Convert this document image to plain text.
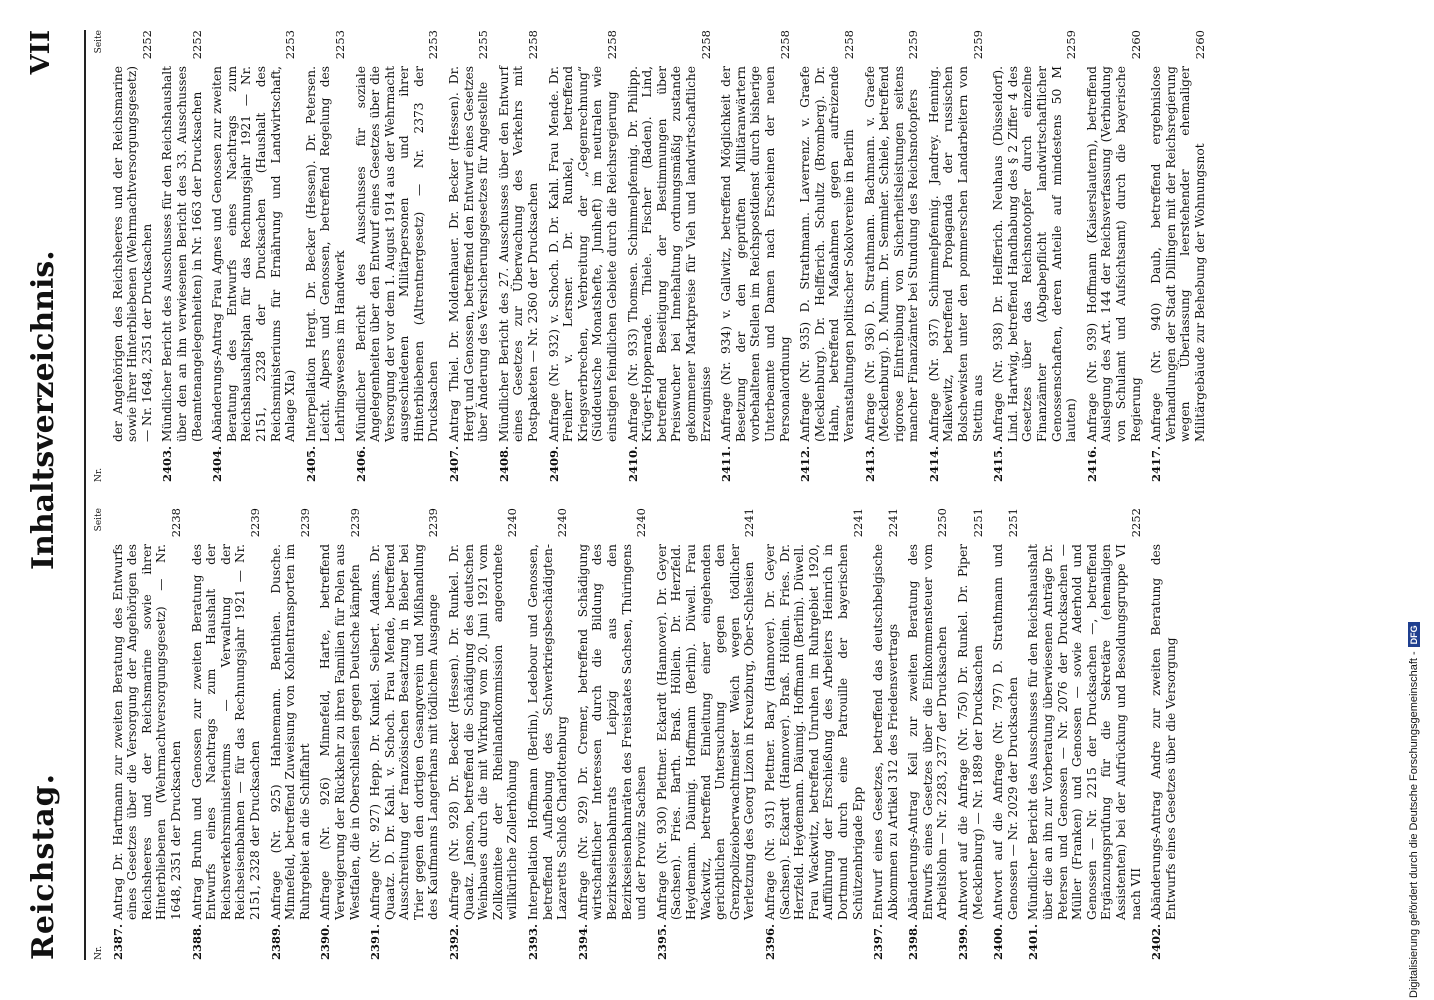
Reichstag.
Inhaltsverzeichnis.
VII
Nr.
Seite
2387.
Antrag Dr. Hartmann zur zweiten Beratung des Entwurfs eines Gesetzes über die Versorgung der Angehörigen des Reichsheeres und der Reichsmarine sowie ihrer Hinterbliebenen (Wehrmachtversorgungsgesetz) — Nr. 1648, 2351 der Drucksachen
2238
2388.
Antrag Bruhn und Genossen zur zweiten Beratung des Entwurfs eines Nachtrags zum Haushalt der Reichsverkehrsministeriums — Verwaltung der Reichseisenbahnen — für das Rechnungsjahr 1921 — Nr. 2151, 2328 der Drucksachen
2239
2389.
Anfrage (Nr. 925) Hahnemann. Benthien. Dusche. Minnefeld, betreffend Zuweisung von Kohlentransporten im Ruhrgebiet an die Schiffahrt
2239
2390.
Anfrage (Nr. 926) Minnefeld, Harte, betreffend Verweigerung der Rückkehr zu ihren Familien für Polen aus Westfalen, die in Oberschlesien gegen Deutsche kämpfen
2239
2391.
Anfrage (Nr. 927) Hepp. Dr. Kunkel. Seibert. Adams. Dr. Quaatz. D. Dr. Kahl. v. Schoch. Frau Mende, betreffend Ausschreitung der französischen Besatzung in Bieber bei Trier gegen den dortigen Gesangverein und Mißhandlung des Kaufmanns Langerhans mit tödlichem Ausgange
2239
2392.
Anfrage (Nr. 928) Dr. Becker (Hessen). Dr. Runkel. Dr. Quaatz. Janson, betreffend die Schädigung des deutschen Weinbaues durch die mit Wirkung vom 20. Juni 1921 vom Zollkomitee der Rheinlandkommission angeordnete willkürliche Zollerhöhung
2240
2393.
Interpellation Hoffmann (Berlin), Ledebour und Genossen, betreffend Aufhebung des Schwerkriegsbeschädigten-Lazaretts Schloß Charlottenburg
2240
2394.
Anfrage (Nr. 929) Dr. Cremer, betreffend Schädigung wirtschaftlicher Interessen durch die Bildung des Bezirkseisenbahnrats Leipzig aus den Bezirkseisenbahnräten des Freistaates Sachsen, Thüringens und der Provinz Sachsen
2240
2395.
Anfrage (Nr. 930) Plettner. Eckardt (Hannover). Dr. Geyer (Sachsen). Fries. Barth. Braß. Höllein. Dr. Herzfeld. Heydemann. Däumig. Hoffmann (Berlin). Düwell. Frau Wackwitz, betreffend Einleitung einer eingehenden gerichtlichen Untersuchung gegen den Grenzpolizeioberwachtmeister Weich wegen tödlicher Verletzung des Georg Lizon in Kreuzburg, Ober-Schlesien
2241
2396.
Anfrage (Nr. 931) Plettner. Bary (Hannover). Dr. Geyer (Sachsen). Eckardt (Hannover). Braß. Höllein. Fries. Dr. Herzfeld. Heydemann. Däumig. Hoffmann (Berlin). Düwell. Frau Wackwitz, betreffend Unruhen im Ruhrgebiet 1920, Aufführung der Erschießung des Arbeiters Heinrich in Dortmund durch eine Patrouille der bayerischen Schützenbrigade Epp
2241
2397.
Entwurf eines Gesetzes, betreffend das deutschbelgische Abkommen zu Artikel 312 des Friedensvertrags
2241
2398.
Abänderungs-Antrag Keil zur zweiten Beratung des Entwurfs eines Gesetzes über die Einkommensteuer vom Arbeitslohn — Nr. 2283, 2377 der Drucksachen
2250
2399.
Antwort auf die Anfrage (Nr. 750) Dr. Runkel. Dr. Piper (Mecklenburg) — Nr. 1889 der Drucksachen
2251
2400.
Antwort auf die Anfrage (Nr. 797) D. Strathmann und Genossen — Nr. 2029 der Drucksachen
2251
2401.
Mündlicher Bericht des Ausschusses für den Reichshaushalt über die an ihn zur Vorberatung überwiesenen Anträge Dr. Petersen und Genossen — Nr. 2076 der Drucksachen — Müller (Franken) und Genossen — sowie Aderhold und Genossen — Nr. 2215 der Drucksachen —, betreffend Ergänzungsprüfung für die Sekretäre (ehemaligen Assistenten) bei der Aufrückung und Besoldungsgruppe VI nach VII
2252
2402.
Abänderungs-Antrag Andre zur zweiten Beratung des Entwurfs eines Gesetzes über die Versorgung
Nr.
Seite
der Angehörigen des Reichsheeres und der Reichsmarine sowie ihrer Hinterbliebenen (Wehrmachtversorgungsgesetz) — Nr. 1648, 2351 der Drucksachen
2252
2403.
Mündlicher Bericht des Ausschusses für den Reichshaushalt über den an ihn verwiesenen Bericht des 33. Ausschusses (Beamtenangelegenheiten) in Nr. 1663 der Drucksachen
2252
2404.
Abänderungs-Antrag Frau Agnes und Genossen zur zweiten Beratung des Entwurfs eines Nachtrags zum Reichshaushaltsplan für das Rechnungsjahr 1921 — Nr. 2151, 2328 der Drucksachen (Haushalt des Reichsministeriums für Ernährung und Landwirtschaft, Anlage XIa)
2253
2405.
Interpellation Hergt. Dr. Becker (Hessen). Dr. Petersen. Leicht. Alpers und Genossen, betreffend Regelung des Lehrlingswesens im Handwerk
2253
2406.
Mündlicher Bericht des Ausschusses für soziale Angelegenheiten über den Entwurf eines Gesetzes über die Versorgung der vor dem 1. August 1914 aus der Wehrmacht ausgeschiedenen Militärpersonen und ihrer Hinterbliebenen (Altrentnergesetz) — Nr. 2373 der Drucksachen
2253
2407.
Antrag Thiel. Dr. Moldenhauer. Dr. Becker (Hessen). Dr. Hergt und Genossen, betreffend den Entwurf eines Gesetzes über Änderung des Versicherungsgesetzes für Angestellte
2255
2408.
Mündlicher Bericht des 27. Ausschusses über den Entwurf eines Gesetzes zur Überwachung des Verkehrs mit Postpaketen — Nr. 2360 der Drucksachen
2258
2409.
Anfrage (Nr. 932) v. Schoch. D. Dr. Kahl. Frau Mende. Dr. Freiherr v. Lersner. Dr. Runkel, betreffend Kriegsverbrechen, Verbreitung der „Gegenrechnung“ (Süddeutsche Monatshefte, Juniheft) im neutralen wie einstigen feindlichen Gebiete durch die Reichsregierung
2258
2410.
Anfrage (Nr. 933) Thomsen. Schimmelpfennig. Dr. Philipp. Krüger-Hoppenrade. Thiele. Fischer (Baden). Lind, betreffend Beseitigung der Bestimmungen über Preiswucher bei Innehaltung ordnungsmäßig zustande gekommener Marktpreise für Vieh und landwirtschaftliche Erzeugnisse
2258
2411.
Anfrage (Nr. 934) v. Gallwitz, betreffend Möglichkeit der Besetzung der den geprüften Militäranwärtern vorbehaltenen Stellen im Reichspostdienst durch bisherige Unterbeamte und Damen nach Erscheinen der neuen Personalordnung
2258
2412.
Anfrage (Nr. 935) D. Strathmann. Laverrenz. v. Graefe (Mecklenburg). Dr. Helfferich. Schultz (Bromberg). Dr. Hahn, betreffend Maßnahmen gegen aufreizende Veranstaltungen politischer Sokolvereine in Berlin
2258
2413.
Anfrage (Nr. 936) D. Strathmann. Bachmann. v. Graefe (Mecklenburg). D. Mumm. Dr. Semmler. Schiele, betreffend rigorose Eintreibung von Sicherheitsleistungen seitens mancher Finanzämter bei Stundung des Reichsnotopfers
2259
2414.
Anfrage (Nr. 937) Schimmelpfennig. Jandrey. Henning. Malkewitz, betreffend Propaganda der russischen Bolschewisten unter den pommerschen Landarbeitern von Stettin aus
2259
2415.
Anfrage (Nr. 938) Dr. Helfferich. Neuhaus (Düsseldorf). Lind. Hartwig, betreffend Handhabung des § 2 Ziffer 4 des Gesetzes über das Reichsnotopfer durch einzelne Finanzämter (Abgabepflicht landwirtschaftlicher Genossenschaften, deren Anteile auf mindestens 50 M lauten)
2259
2416.
Anfrage (Nr. 939) Hoffmann (Kaiserslautern), betreffend Auslegung des Art. 144 der Reichsverfassung (Verbindung von Schulamt und Aufsichtsamt) durch die bayerische Regierung
2260
2417.
Anfrage (Nr. 940) Daub, betreffend ergebnislose Verhandlungen der Stadt Dillingen mit der Reichsregierung wegen Überlassung leerstehender ehemaliger Militärgebäude zur Behebung der Wohnungsnot
2260
Digitalisierung gefördert durch die Deutsche Forschungsgemeinschaft -
DFG
